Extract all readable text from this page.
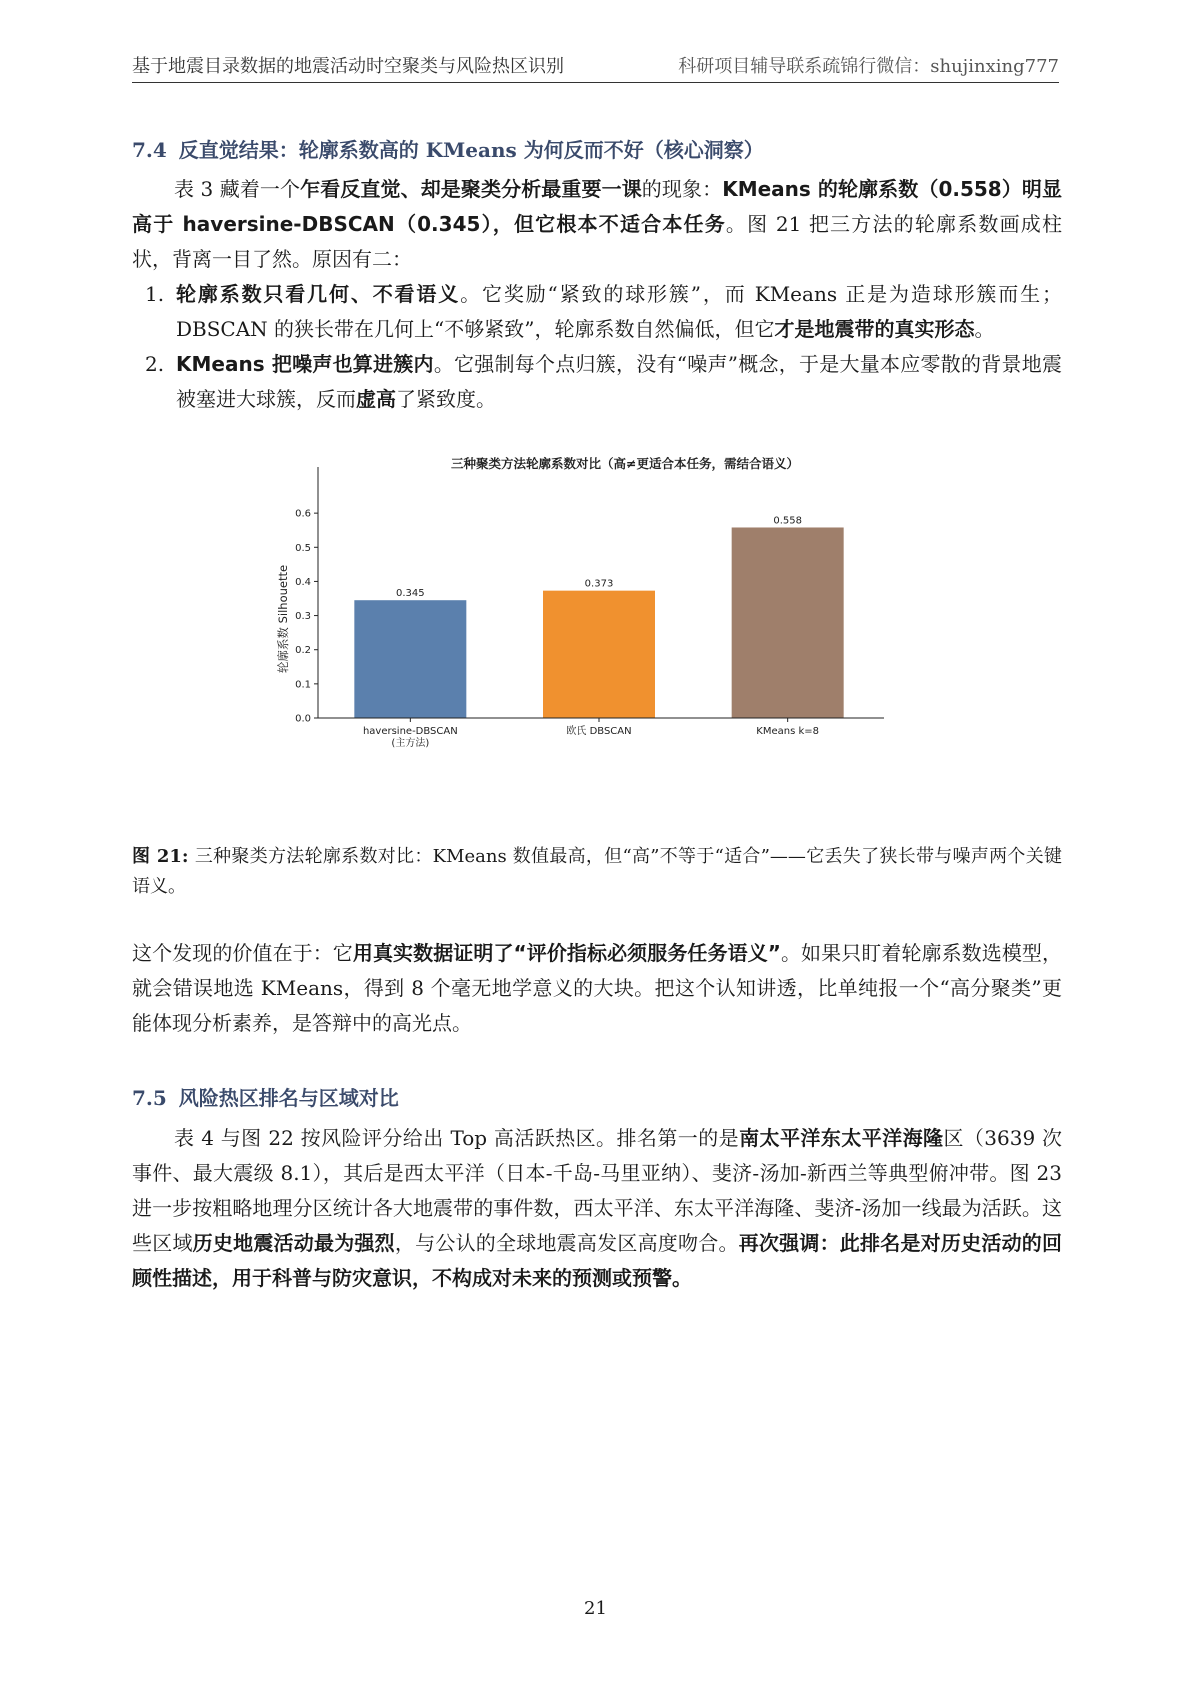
基于地震目录数据的地震活动时空聚类与风险热区识别	科研项目辅导联系疏锦行微信：shujinxing777
7.4 反直觉结果：轮廓系数高的 KMeans 为何反而不好（核心洞察）

表 3 藏着一个乍看反直觉、却是聚类分析最重要一课的现象：KMeans 的轮廓系数（0.558）明显高于 haversine-DBSCAN（0.345），但它根本不适合本任务。图 21 把三方法的轮廓系数画成柱状，背离一目了然。原因有二：

1. 轮廓系数只看几何、不看语义。它奖励“紧致的球形簇”，而 KMeans 正是为造球形簇而生；DBSCAN 的狭长带在几何上“不够紧致”，轮廓系数自然偏低，但它才是地震带的真实形态。
2. KMeans 把噪声也算进簇内。它强制每个点归簇，没有“噪声”概念，于是大量本应零散的背景地震被塞进大球簇，反而虚高了紧致度。
三种聚类方法轮廓系数对比（高≠更适合本任务，需结合语义）
轮廓系数 Silhouette
0.0
0.1
0.2
0.3
0.4
0.5
0.6
0.345
0.373
0.558
haversine-DBSCAN
(主方法)
欧氏 DBSCAN	KMeans k=8

图 21: 三种聚类方法轮廓系数对比：KMeans 数值最高，但“高”不等于“适合”——它丢失了狭长带与噪声两个关键语义。

这个发现的价值在于：它用真实数据证明了“评价指标必须服务任务语义”。如果只盯着轮廓系数选模型，就会错误地选 KMeans，得到 8 个毫无地学意义的大块。把这个认知讲透，比单纯报一个“高分聚类”更能体现分析素养，是答辩中的高光点。

7.5 风险热区排名与区域对比

表 4 与图 22 按风险评分给出 Top 高活跃热区。排名第一的是南太平洋东太平洋海隆区（3639 次事件、最大震级 8.1），其后是西太平洋（日本-千岛-马里亚纳）、斐济-汤加-新西兰等典型俯冲带。图 23 进一步按粗略地理分区统计各大地震带的事件数，西太平洋、东太平洋海隆、斐济-汤加一线最为活跃。这些区域历史地震活动最为强烈，与公认的全球地震高发区高度吻合。再次强调：此排名是对历史活动的回顾性描述，用于科普与防灾意识，不构成对未来的预测或预警。

21
